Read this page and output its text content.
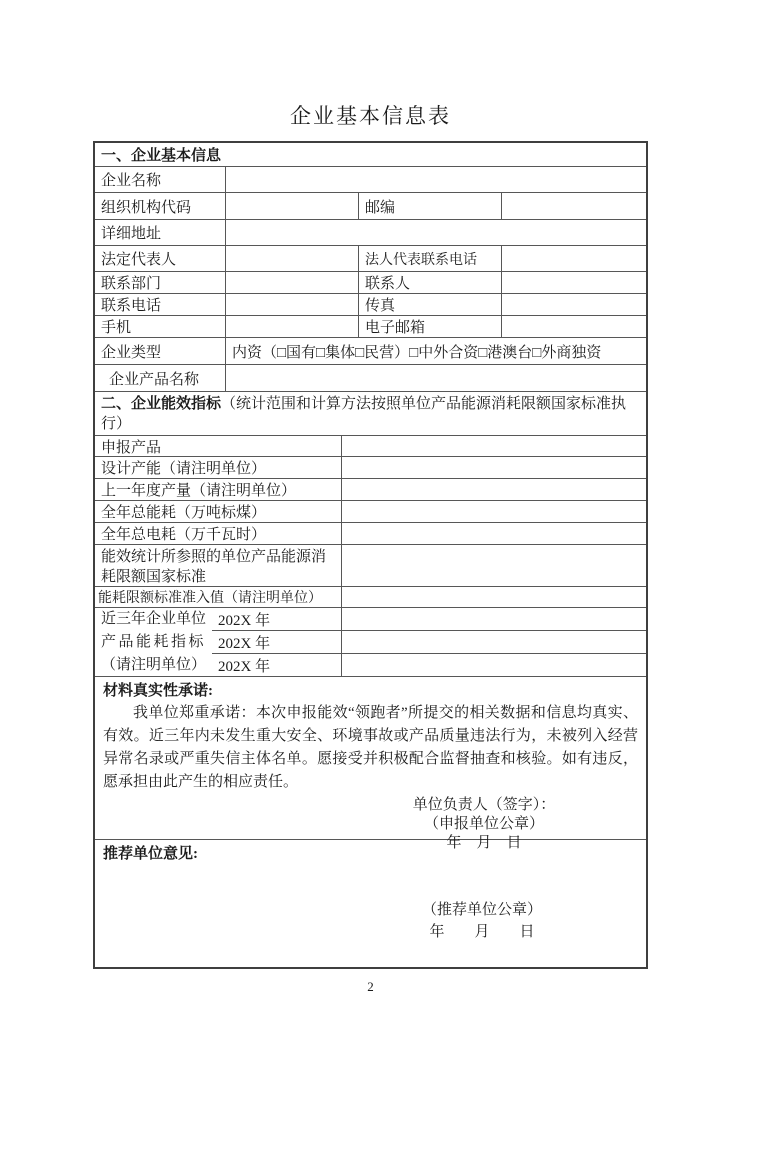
企业基本信息表
一、企业基本信息
企业名称
组织机构代码	邮编
详细地址
法定代表人	法人代表联系电话
联系部门	联系人
联系电话	传真
手机	电子邮箱
企业类型	内资（□国有□集体□民营）□中外合资□港澳台□外商独资
企业产品名称
二、企业能效指标（统计范围和计算方法按照单位产品能源消耗限额国家标准执行）
申报产品
设计产能（请注明单位）
上一年度产量（请注明单位）
全年总能耗（万吨标煤）
全年总电耗（万千瓦时）
能效统计所参照的单位产品能源消耗限额国家标准
能耗限额标准准入值（请注明单位）
近三年企业单位
产品能耗指标
（请注明单位）
202X 年
202X 年
202X 年
材料真实性承诺:

我单位郑重承诺：本次申报能效“领跑者”所提交的相关数据和信息均真实、有效。近三年内未发生重大安全、环境事故或产品质量违法行为，未被列入经营异常名录或严重失信主体名单。愿接受并积极配合监督抽查和核验。如有违反，愿承担由此产生的相应责任。

单位负责人（签字）：
（申报单位公章）
年　月　日
推荐单位意见:
（推荐单位公章）
年　　月　　日
2
